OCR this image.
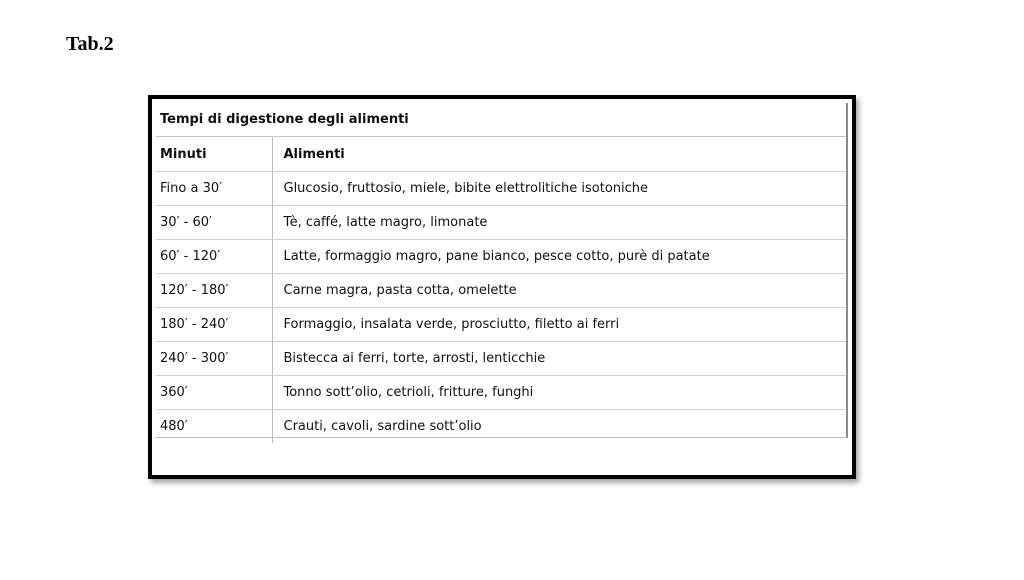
Tab.2
Tempi di digestione degli alimenti
Minuti	Alimenti
Fino a 30′	Glucosio, fruttosio, miele, bibite elettrolitiche isotoniche
30′ - 60′	Tè, caffé, latte magro, limonate
60′ - 120′	Latte, formaggio magro, pane bianco, pesce cotto, purè di patate
120′ - 180′	Carne magra, pasta cotta, omelette
180′ - 240′	Formaggio, insalata verde, prosciutto, filetto ai ferri
240′ - 300′	Bistecca ai ferri, torte, arrosti, lenticchie
360′	Tonno sott’olio, cetrioli, fritture, funghi
480′	Crauti, cavoli, sardine sott’olio
